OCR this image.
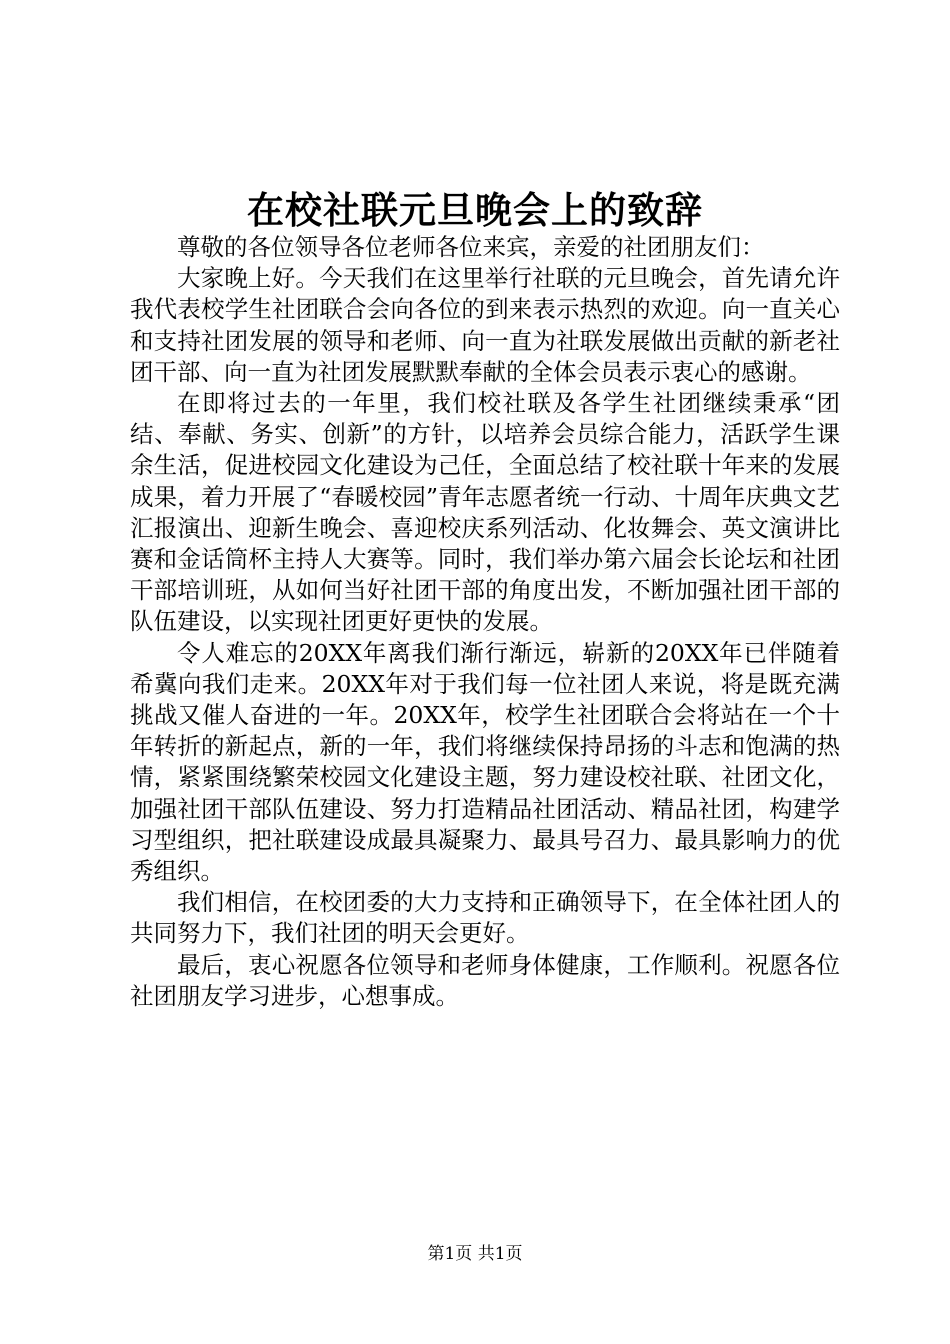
在校社联元旦晚会上的致辞

尊敬的各位领导各位老师各位来宾，亲爱的社团朋友们：

大家晚上好。今天我们在这里举行社联的元旦晚会，首先请允许我代表校学生社团联合会向各位的到来表示热烈的欢迎。向一直关心和支持社团发展的领导和老师、向一直为社联发展做出贡献的新老社团干部、向一直为社团发展默默奉献的全体会员表示衷心的感谢。

在即将过去的一年里，我们校社联及各学生社团继续秉承“团结、奉献、务实、创新”的方针，以培养会员综合能力，活跃学生课余生活，促进校园文化建设为己任，全面总结了校社联十年来的发展成果，着力开展了“春暖校园”青年志愿者统一行动、十周年庆典文艺汇报演出、迎新生晚会、喜迎校庆系列活动、化妆舞会、英文演讲比赛和金话筒杯主持人大赛等。同时，我们举办第六届会长论坛和社团干部培训班，从如何当好社团干部的角度出发，不断加强社团干部的队伍建设，以实现社团更好更快的发展。

令人难忘的20XX年离我们渐行渐远，崭新的20XX年已伴随着希冀向我们走来。20XX年对于我们每一位社团人来说，将是既充满挑战又催人奋进的一年。20XX年，校学生社团联合会将站在一个十年转折的新起点，新的一年，我们将继续保持昂扬的斗志和饱满的热情，紧紧围绕繁荣校园文化建设主题，努力建设校社联、社团文化，加强社团干部队伍建设、努力打造精品社团活动、精品社团，构建学习型组织，把社联建设成最具凝聚力、最具号召力、最具影响力的优秀组织。

我们相信，在校团委的大力支持和正确领导下，在全体社团人的共同努力下，我们社团的明天会更好。

最后，衷心祝愿各位领导和老师身体健康，工作顺利。祝愿各位社团朋友学习进步，心想事成。

第1页 共1页
